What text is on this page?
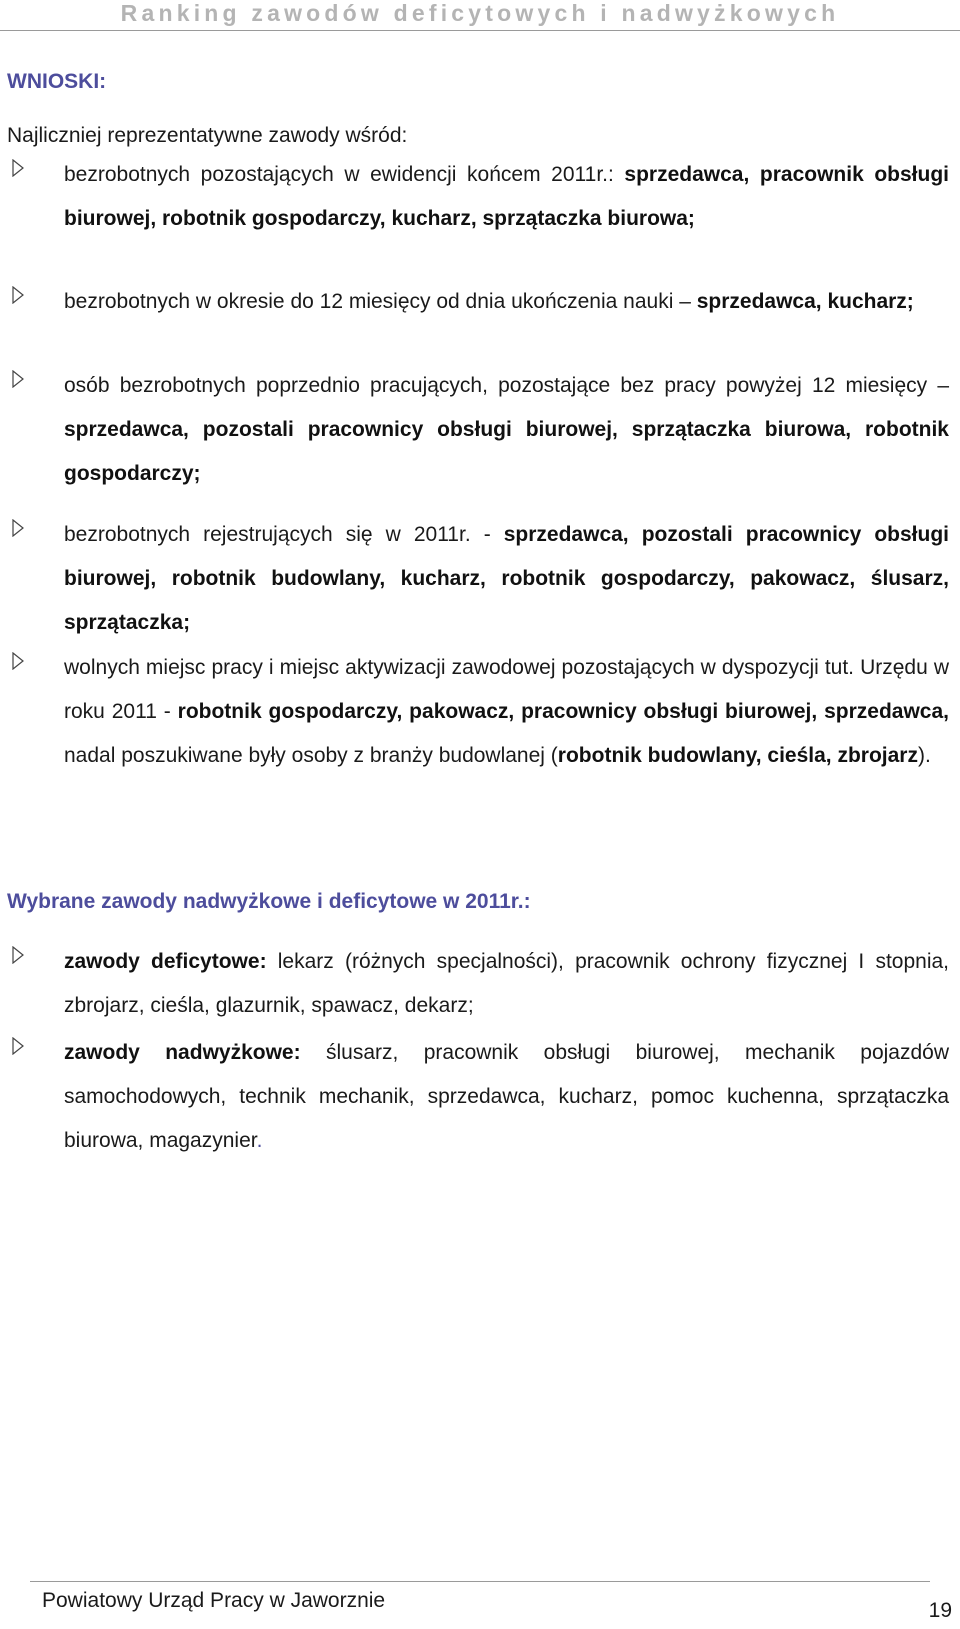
Ranking zawodów deficytowych i nadwyżkowych
WNIOSKI:
Najliczniej reprezentatywne zawody wśród:

bezrobotnych pozostających w ewidencji końcem 2011r.: sprzedawca, pracownik obsługi biurowej, robotnik gospodarczy, kucharz, sprzątaczka biurowa;

bezrobotnych w okresie do 12 miesięcy od dnia ukończenia nauki – sprzedawca, kucharz;

osób bezrobotnych poprzednio pracujących, pozostające bez pracy powyżej 12 miesięcy – sprzedawca, pozostali pracownicy obsługi biurowej, sprzątaczka biurowa, robotnik gospodarczy;

bezrobotnych rejestrujących się w 2011r. - sprzedawca, pozostali pracownicy obsługi biurowej, robotnik budowlany, kucharz, robotnik gospodarczy, pakowacz, ślusarz, sprzątaczka;

wolnych miejsc pracy i miejsc aktywizacji zawodowej pozostających w dyspozycji tut. Urzędu w roku 2011 - robotnik gospodarczy, pakowacz, pracownicy obsługi biurowej, sprzedawca, nadal poszukiwane były osoby z branży budowlanej (robotnik budowlany, cieśla, zbrojarz).

Wybrane zawody nadwyżkowe i deficytowe w 2011r.:

zawody deficytowe: lekarz (różnych specjalności), pracownik ochrony fizycznej I stopnia, zbrojarz, cieśla, glazurnik, spawacz, dekarz;

zawody nadwyżkowe: ślusarz, pracownik obsługi biurowej, mechanik pojazdów samochodowych, technik mechanik, sprzedawca, kucharz, pomoc kuchenna, sprzątaczka biurowa, magazynier.

Powiatowy Urząd Pracy w Jaworznie	19
